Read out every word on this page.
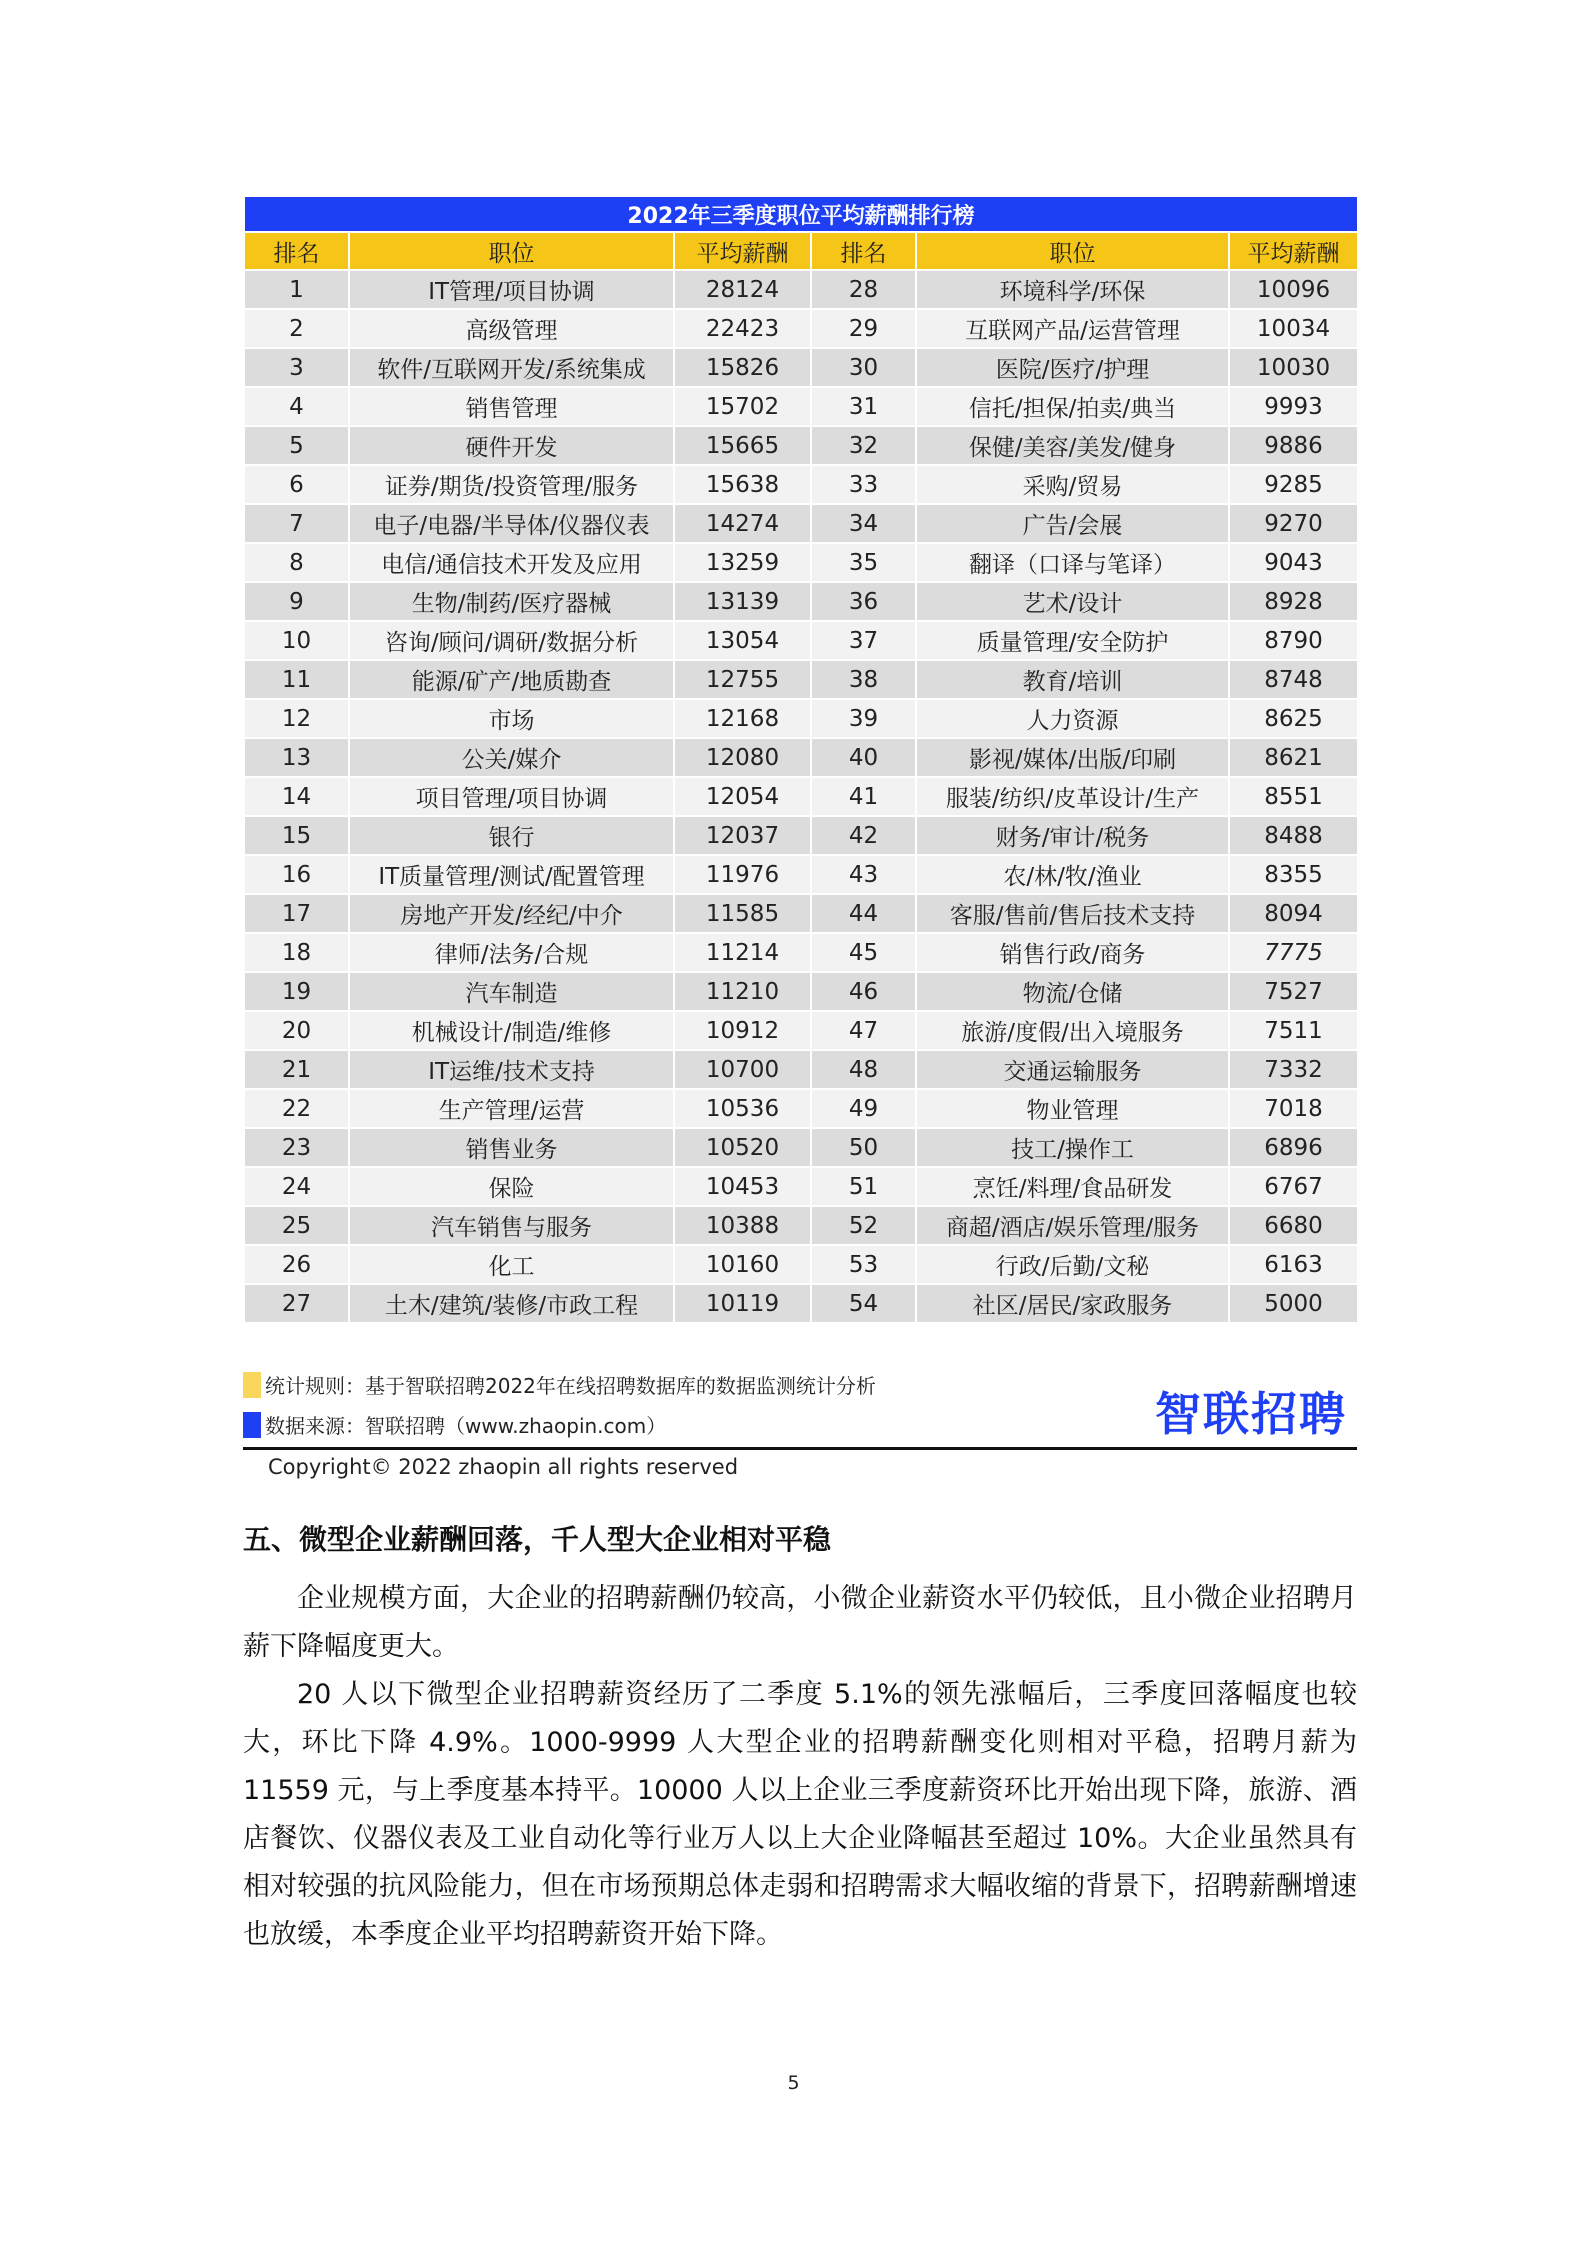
2022年三季度职位平均薪酬排行榜					
排名	职位	平均薪酬	排名	职位	平均薪酬
1	IT管理/项目协调	28124	28	环境科学/环保	10096
2	高级管理	22423	29	互联网产品/运营管理	10034
3	软件/互联网开发/系统集成	15826	30	医院/医疗/护理	10030
4	销售管理	15702	31	信托/担保/拍卖/典当	9993
5	硬件开发	15665	32	保健/美容/美发/健身	9886
6	证券/期货/投资管理/服务	15638	33	采购/贸易	9285
7	电子/电器/半导体/仪器仪表	14274	34	广告/会展	9270
8	电信/通信技术开发及应用	13259	35	翻译（口译与笔译）	9043
9	生物/制药/医疗器械	13139	36	艺术/设计	8928
10	咨询/顾问/调研/数据分析	13054	37	质量管理/安全防护	8790
11	能源/矿产/地质勘查	12755	38	教育/培训	8748
12	市场	12168	39	人力资源	8625
13	公关/媒介	12080	40	影视/媒体/出版/印刷	8621
14	项目管理/项目协调	12054	41	服装/纺织/皮革设计/生产	8551
15	银行	12037	42	财务/审计/税务	8488
16	IT质量管理/测试/配置管理	11976	43	农/林/牧/渔业	8355
17	房地产开发/经纪/中介	11585	44	客服/售前/售后技术支持	8094
18	律师/法务/合规	11214	45	销售行政/商务	7775
19	汽车制造	11210	46	物流/仓储	7527
20	机械设计/制造/维修	10912	47	旅游/度假/出入境服务	7511
21	IT运维/技术支持	10700	48	交通运输服务	7332
22	生产管理/运营	10536	49	物业管理	7018
23	销售业务	10520	50	技工/操作工	6896
24	保险	10453	51	烹饪/料理/食品研发	6767
25	汽车销售与服务	10388	52	商超/酒店/娱乐管理/服务	6680
26	化工	10160	53	行政/后勤/文秘	6163
27	土木/建筑/装修/市政工程	10119	54	社区/居民/家政服务	5000
统计规则：基于智联招聘2022年在线招聘数据库的数据监测统计分析
数据来源：智联招聘（www.zhaopin.com）	智联招聘
Copyright© 2022 zhaopin all rights reserved
五、微型企业薪酬回落，千人型大企业相对平稳

企业规模方面，大企业的招聘薪酬仍较高，小微企业薪资水平仍较低，且小微企业招聘月薪下降幅度更大。

20 人以下微型企业招聘薪资经历了二季度 5.1%的领先涨幅后，三季度回落幅度也较大，环比下降 4.9%。1000-9999 人大型企业的招聘薪酬变化则相对平稳，招聘月薪为 11559 元，与上季度基本持平。10000 人以上企业三季度薪资环比开始出现下降，旅游、酒店餐饮、仪器仪表及工业自动化等行业万人以上大企业降幅甚至超过 10%。大企业虽然具有相对较强的抗风险能力，但在市场预期总体走弱和招聘需求大幅收缩的背景下，招聘薪酬增速也放缓，本季度企业平均招聘薪资开始下降。

5
